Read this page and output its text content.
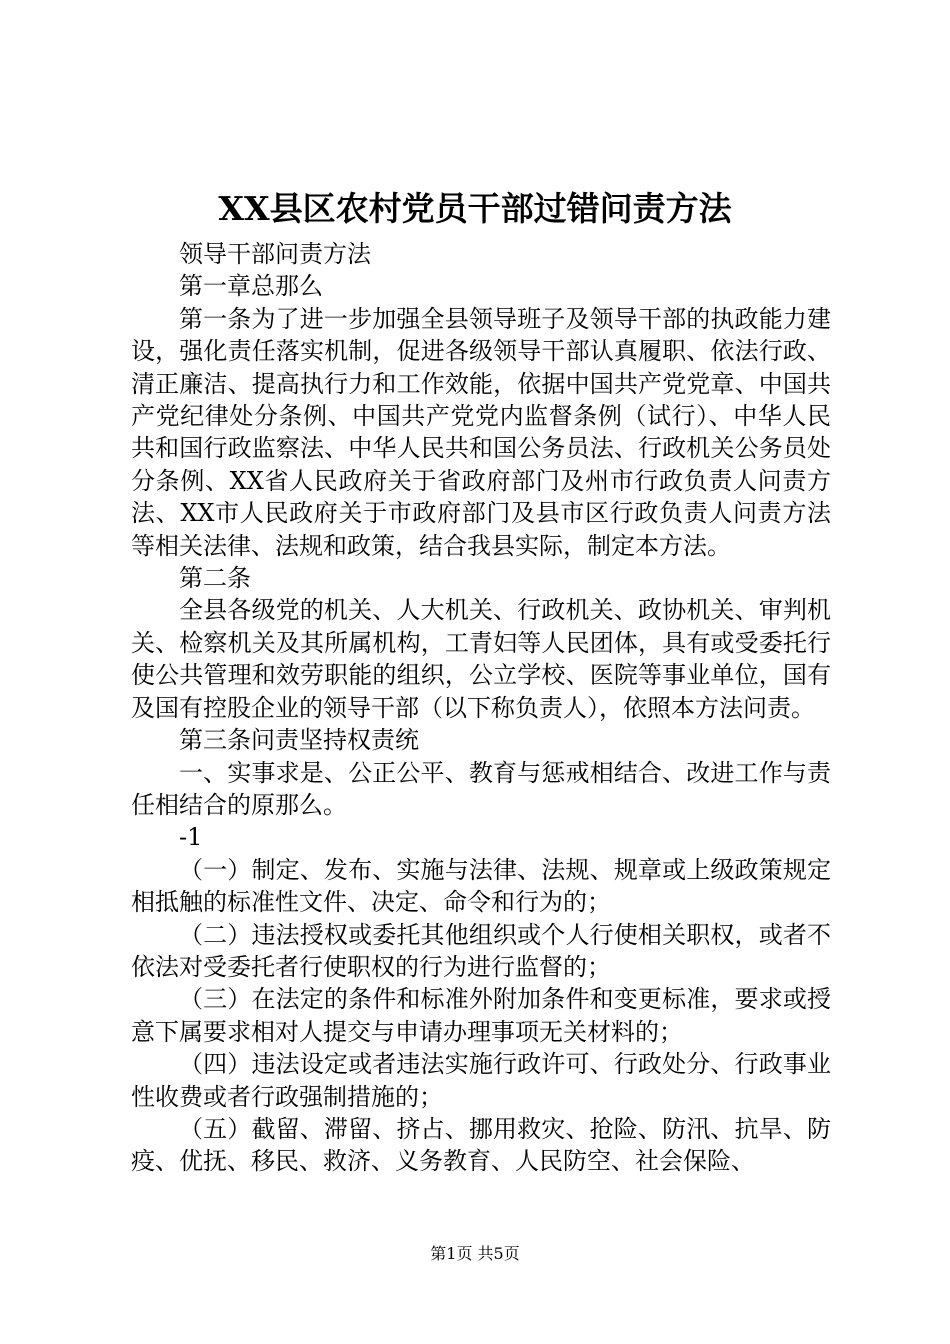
XX县区农村党员干部过错问责方法

领导干部问责方法

第一章总那么

第一条为了进一步加强全县领导班子及领导干部的执政能力建设，强化责任落实机制，促进各级领导干部认真履职、依法行政、清正廉洁、提高执行力和工作效能，依据中国共产党党章、中国共产党纪律处分条例、中国共产党党内监督条例（试行）、中华人民共和国行政监察法、中华人民共和国公务员法、行政机关公务员处分条例、XX省人民政府关于省政府部门及州市行政负责人问责方法、XX市人民政府关于市政府部门及县市区行政负责人问责方法等相关法律、法规和政策，结合我县实际，制定本方法。

第二条

全县各级党的机关、人大机关、行政机关、政协机关、审判机关、检察机关及其所属机构，工青妇等人民团体，具有或受委托行使公共管理和效劳职能的组织，公立学校、医院等事业单位，国有及国有控股企业的领导干部（以下称负责人），依照本方法问责。

第三条问责坚持权责统

一、实事求是、公正公平、教育与惩戒相结合、改进工作与责任相结合的原那么。

-1

（一）制定、发布、实施与法律、法规、规章或上级政策规定相抵触的标准性文件、决定、命令和行为的；

（二）违法授权或委托其他组织或个人行使相关职权，或者不依法对受委托者行使职权的行为进行监督的；

（三）在法定的条件和标准外附加条件和变更标准，要求或授意下属要求相对人提交与申请办理事项无关材料的；

（四）违法设定或者违法实施行政许可、行政处分、行政事业性收费或者行政强制措施的；

（五）截留、滞留、挤占、挪用救灾、抢险、防汛、抗旱、防疫、优抚、移民、救济、义务教育、人民防空、社会保险、

第1页 共5页
